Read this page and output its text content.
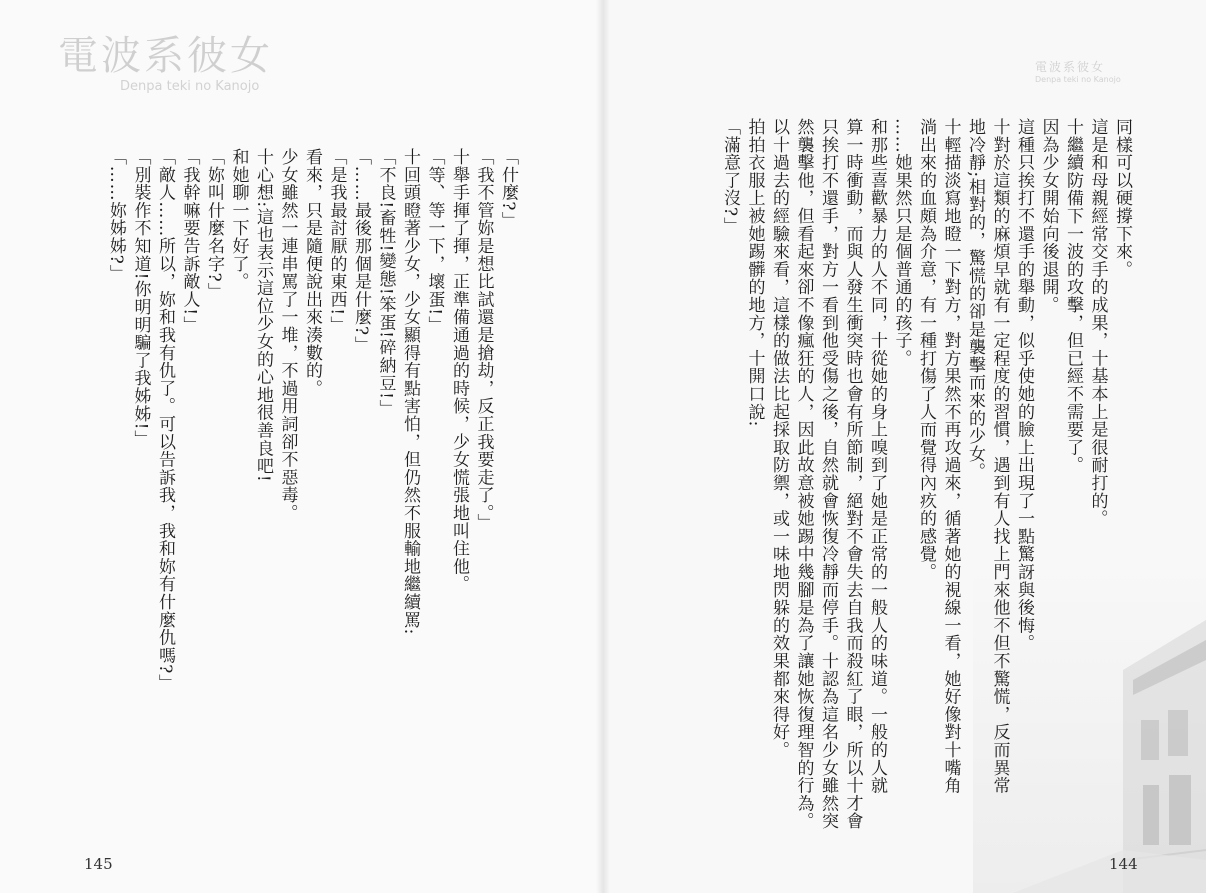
電波系彼女
Denpa teki no Kanojo
「什麼?」
「我不管妳是想比試還是搶劫，反正我要走了。」
十舉手揮了揮，正準備通過的時候，少女慌張地叫住他。
「等、等一下，壞蛋!」
十回頭瞪著少女，少女顯得有點害怕，但仍然不服輸地繼續罵:
「不良!畜牲!變態!笨蛋!碎納豆!」
「……最後那個是什麼?」
「是我最討厭的東西!」
看來，只是隨便說出來湊數的。
少女雖然一連串罵了一堆，不過用詞卻不惡毒。
十心想:這也表示這位少女的心地很善良吧!
和她聊一下好了。
「妳叫什麼名字?」
「我幹嘛要告訴敵人!」
「敵人……所以，妳和我有仇了。可以告訴我，我和妳有什麼仇嗎?」
「別裝作不知道!你明明騙了我姊姊!」
「……妳姊姊?」
145
電波系彼女
Denpa teki no Kanojo
同樣可以硬撐下來。
這是和母親經常交手的成果，十基本上是很耐打的。
十繼續防備下一波的攻擊，但已經不需要了。
因為少女開始向後退開。
這種只挨打不還手的舉動，似乎使她的臉上出現了一點驚訝與後悔。
十對於這類的麻煩早就有一定程度的習慣，遇到有人找上門來他不但不驚慌，反而異常
地冷靜;相對的，驚慌的卻是襲擊而來的少女。
十輕描淡寫地瞪一下對方，對方果然不再攻過來，循著她的視線一看，她好像對十嘴角
淌出來的血頗為介意，有一種打傷了人而覺得內疚的感覺。
……她果然只是個普通的孩子。
和那些喜歡暴力的人不同，十從她的身上嗅到了她是正常的一般人的味道。一般的人就
算一時衝動，而與人發生衝突時也會有所節制，絕對不會失去自我而殺紅了眼，所以十才會
只挨打不還手，對方一看到他受傷之後，自然就會恢復冷靜而停手。十認為這名少女雖然突
然襲擊他，但看起來卻不像瘋狂的人，因此故意被她踢中幾腳是為了讓她恢復理智的行為。
以十過去的經驗來看，這樣的做法比起採取防禦，或一味地閃躲的效果都來得好。
拍拍衣服上被她踢髒的地方，十開口說:
「滿意了沒?」
144
